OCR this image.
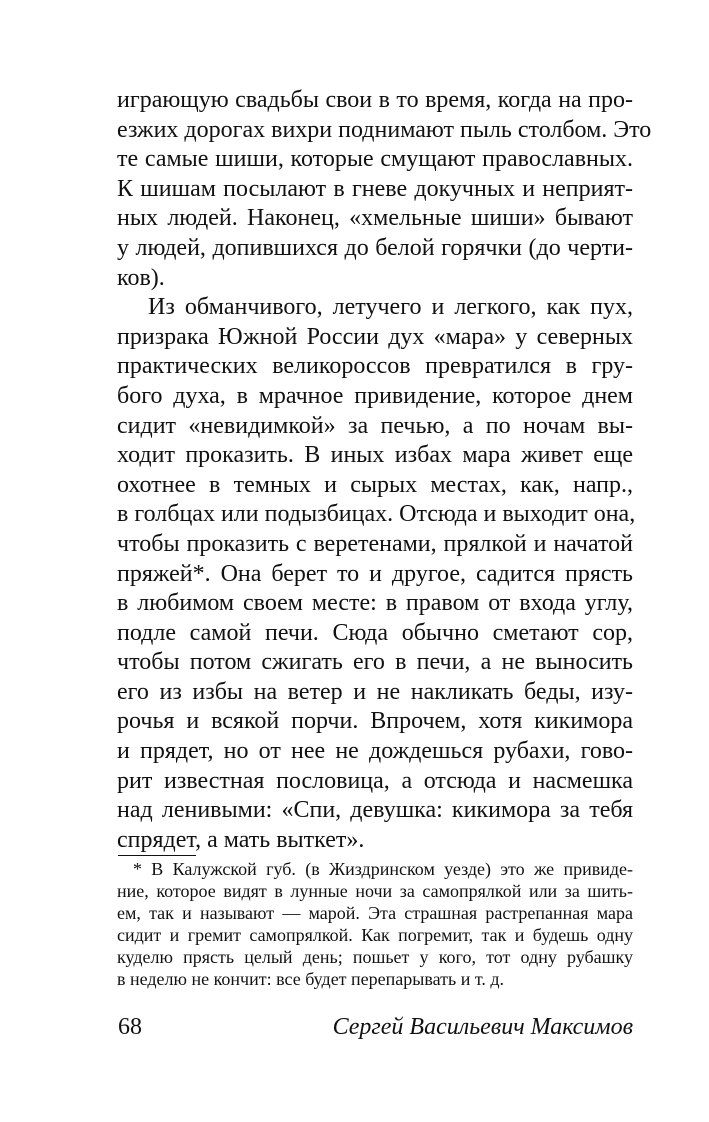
играющую свадьбы свои в то время, когда на про-
езжих дорогах вихри поднимают пыль столбом. Это
те самые шиши, которые смущают православных.
К шишам посылают в гневе докучных и неприят-
ных людей. Наконец, «хмельные шиши» бывают
у людей, допившихся до белой горячки (до черти-
ков).
Из обманчивого, летучего и легкого, как пух,
призрака Южной России дух «мара» у северных
практических великороссов превратился в гру-
бого духа, в мрачное привидение, которое днем
сидит «невидимкой» за печью, а по ночам вы-
ходит проказить. В иных избах мара живет еще
охотнее в темных и сырых местах, как, напр.,
в голбцах или подызбицах. Отсюда и выходит она,
чтобы проказить с веретенами, прялкой и начатой
пряжей*. Она берет то и другое, садится прясть
в любимом своем месте: в правом от входа углу,
подле самой печи. Сюда обычно сметают сор,
чтобы потом сжигать его в печи, а не выносить
его из избы на ветер и не накликать беды, изу-
рочья и всякой порчи. Впрочем, хотя кикимора
и прядет, но от нее не дождешься рубахи, гово-
рит известная пословица, а отсюда и насмешка
над ленивыми: «Спи, девушка: кикимора за тебя
спрядет, а мать выткет».
* В Калужской губ. (в Жиздринском уезде) это же привиде-
ние, которое видят в лунные ночи за самопрялкой или за шить-
ем, так и называют — марой. Эта страшная растрепанная мара
сидит и гремит самопрялкой. Как погремит, так и будешь одну
куделю прясть целый день; пошьет у кого, тот одну рубашку
в неделю не кончит: все будет перепарывать и т. д.
68	Сергей Васильевич Максимов
